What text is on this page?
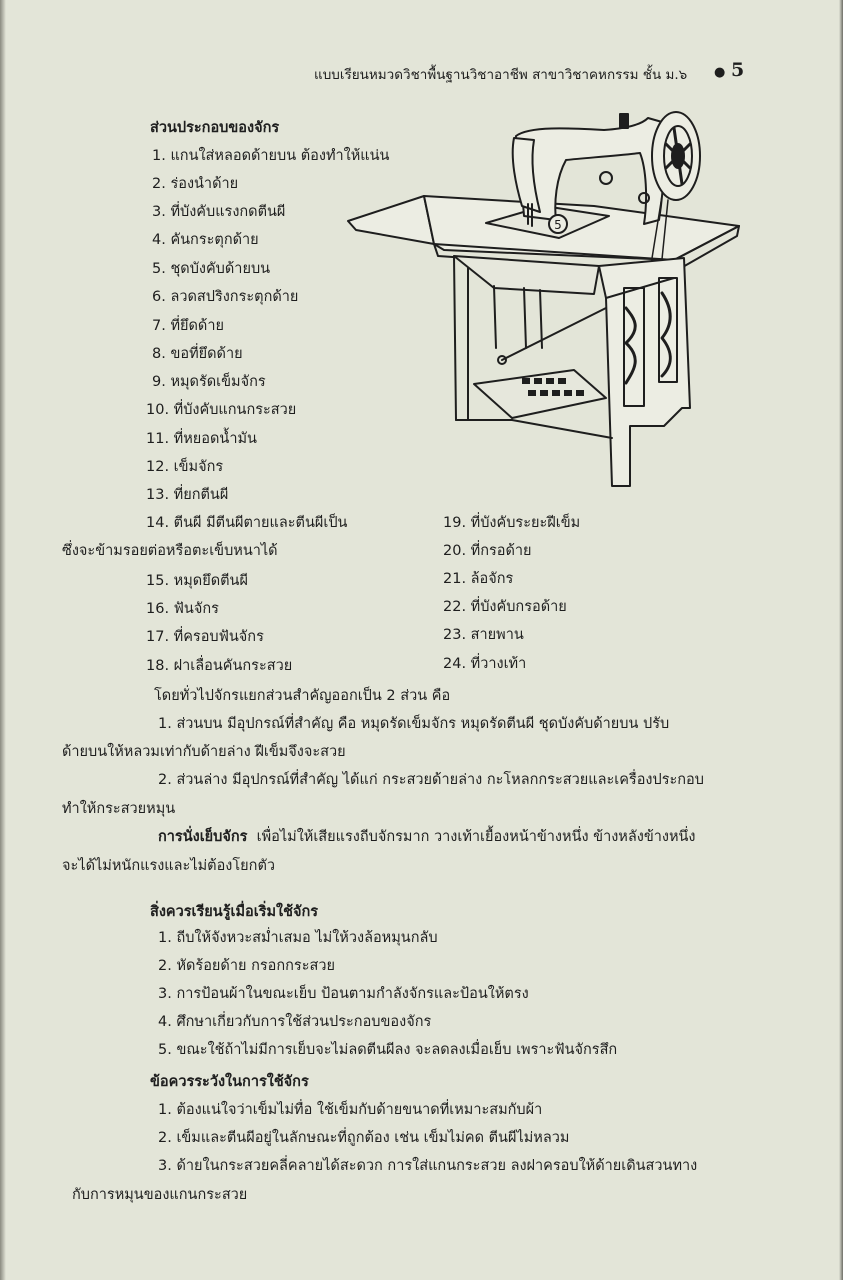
แบบเรียนหมวดวิชาพื้นฐานวิชาอาชีพ สาขาวิชาคหกรรม ชั้น ม.๖ ● 5
ส่วนประกอบของจักร
1. แกนใส่หลอดด้ายบน ต้องทำให้แน่น
2. ร่องนำด้าย
3. ที่บังคับแรงกดตีนผี
4. คันกระตุกด้าย
5. ชุดบังคับด้ายบน
6. ลวดสปริงกระตุกด้าย
7. ที่ยึดด้าย
8. ขอที่ยึดด้าย
9. หมุดรัดเข็มจักร
10. ที่บังคับแกนกระสวย
11. ที่หยอดน้ำมัน
12. เข็มจักร
13. ที่ยกตีนผี
14. ตีนผี มีตีนผีตายและตีนผีเป็น
ซึ่งจะข้ามรอยต่อหรือตะเข็บหนาได้
15. หมุดยึดตีนผี
16. ฟันจักร
17. ที่ครอบฟันจักร
18. ฝาเลื่อนคันกระสวย
19. ที่บังคับระยะฝีเข็ม
20. ที่กรอด้าย
21. ล้อจักร
22. ที่บังคับกรอด้าย
23. สายพาน
24. ที่วางเท้า
โดยทั่วไปจักรแยกส่วนสำคัญออกเป็น 2 ส่วน คือ
1. ส่วนบน มีอุปกรณ์ที่สำคัญ คือ หมุดรัดเข็มจักร หมุดรัดตีนผี ชุดบังคับด้ายบน ปรับ
ด้ายบนให้หลวมเท่ากับด้ายล่าง ฝีเข็มจึงจะสวย
2. ส่วนล่าง มีอุปกรณ์ที่สำคัญ ได้แก่ กระสวยด้ายล่าง กะโหลกกระสวยและเครื่องประกอบ
ทำให้กระสวยหมุน
การนั่งเย็บจักร เพื่อไม่ให้เสียแรงถีบจักรมาก วางเท้าเยื้องหน้าข้างหนึ่ง ข้างหลังข้างหนึ่ง
จะได้ไม่หนักแรงและไม่ต้องโยกตัว
สิ่งควรเรียนรู้เมื่อเริ่มใช้จักร
1. ถีบให้จังหวะสม่ำเสมอ ไม่ให้วงล้อหมุนกลับ
2. หัดร้อยด้าย กรอกกระสวย
3. การป้อนผ้าในขณะเย็บ ป้อนตามกำลังจักรและป้อนให้ตรง
4. ศึกษาเกี่ยวกับการใช้ส่วนประกอบของจักร
5. ขณะใช้ถ้าไม่มีการเย็บจะไม่ลดตีนผีลง จะลดลงเมื่อเย็บ เพราะฟันจักรสึก
ข้อควรระวังในการใช้จักร
1. ต้องแน่ใจว่าเข็มไม่ทื่อ ใช้เข็มกับด้ายขนาดที่เหมาะสมกับผ้า
2. เข็มและตีนผีอยู่ในลักษณะที่ถูกต้อง เช่น เข็มไม่คด ตีนผีไม่หลวม
3. ด้ายในกระสวยคลี่คลายได้สะดวก การใส่แกนกระสวย ลงฝาครอบให้ด้ายเดินสวนทาง
กับการหมุนของแกนกระสวย
5
